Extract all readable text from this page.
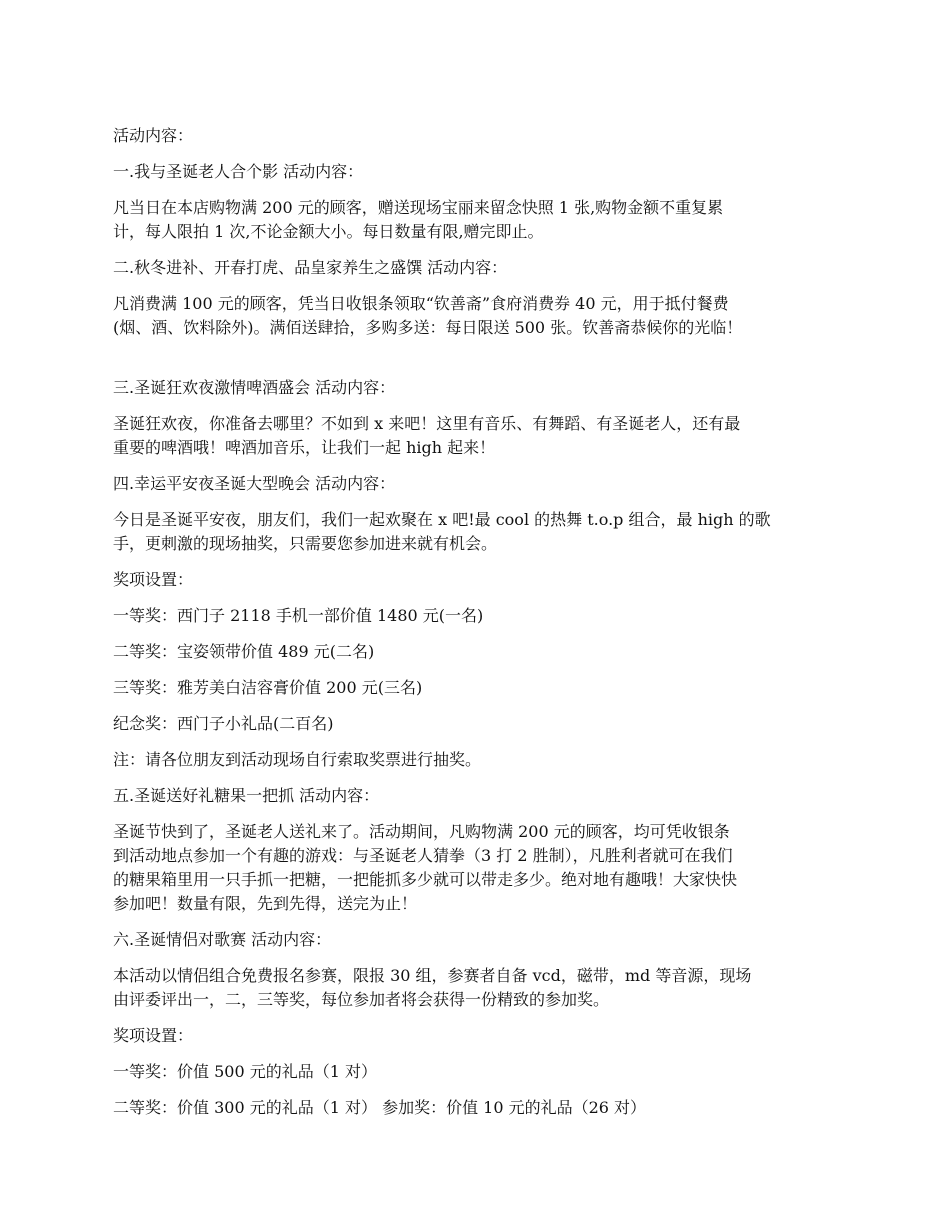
活动内容：

一.我与圣诞老人合个影 活动内容：

凡当日在本店购物满 200 元的顾客，赠送现场宝丽来留念快照 1 张,购物金额不重复累
计，每人限拍 1 次,不论金额大小。每日数量有限,赠完即止。

二.秋冬进补、开春打虎、品皇家养生之盛馔 活动内容：

凡消费满 100 元的顾客，凭当日收银条领取“钦善斋”食府消费券 40 元，用于抵付餐费
(烟、酒、饮料除外)。满佰送肆拾，多购多送：每日限送 500 张。钦善斋恭候你的光临！

三.圣诞狂欢夜激情啤酒盛会 活动内容：

圣诞狂欢夜，你准备去哪里？不如到 x 来吧！这里有音乐、有舞蹈、有圣诞老人，还有最
重要的啤酒哦！啤酒加音乐，让我们一起 high 起来！

四.幸运平安夜圣诞大型晚会 活动内容：

今日是圣诞平安夜，朋友们，我们一起欢聚在 x 吧!最 cool 的热舞 t.o.p 组合，最 high 的歌
手，更刺激的现场抽奖，只需要您参加进来就有机会。

奖项设置：

一等奖：西门子 2118 手机一部价值 1480 元(一名)

二等奖：宝姿领带价值 489 元(二名)

三等奖：雅芳美白洁容膏价值 200 元(三名)

纪念奖：西门子小礼品(二百名)

注：请各位朋友到活动现场自行索取奖票进行抽奖。

五.圣诞送好礼糖果一把抓 活动内容：

圣诞节快到了，圣诞老人送礼来了。活动期间，凡购物满 200 元的顾客，均可凭收银条
到活动地点参加一个有趣的游戏：与圣诞老人猜拳（3 打 2 胜制），凡胜利者就可在我们
的糖果箱里用一只手抓一把糖，一把能抓多少就可以带走多少。绝对地有趣哦！大家快快
参加吧！数量有限，先到先得，送完为止！

六.圣诞情侣对歌赛 活动内容：

本活动以情侣组合免费报名参赛，限报 30 组，参赛者自备 vcd，磁带，md 等音源，现场
由评委评出一，二，三等奖，每位参加者将会获得一份精致的参加奖。

奖项设置：

一等奖：价值 500 元的礼品（1 对）

二等奖：价值 300 元的礼品（1 对） 参加奖：价值 10 元的礼品（26 对）
